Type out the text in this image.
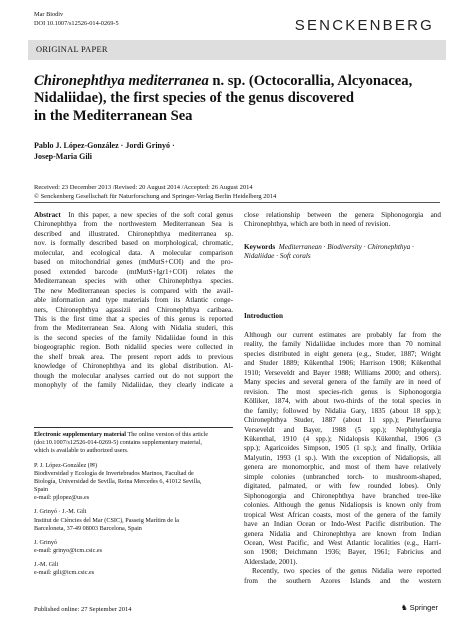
Mar Biodiv
DOI 10.1007/s12526-014-0269-5	SENCKENBERG
ORIGINAL PAPER
Chironephthya mediterranea n. sp. (Octocorallia, Alcyonacea,
Nidaliidae), the first species of the genus discovered
in the Mediterranean Sea
Pablo J. López-González · Jordi Grinyó ·
Josep-Maria Gili
Received: 23 December 2013 /Revised: 20 August 2014 /Accepted: 26 August 2014
© Senckenberg Gesellschaft für Naturforschung and Springer-Verlag Berlin Heidelberg 2014
Abstract In this paper, a new species of the soft coral genus
Chironephthya from the northwestern Mediterranean Sea is
described and illustrated. Chironephthya mediterranea sp.
nov. is formally described based on morphological, chromatic,
molecular, and ecological data. A molecular comparison
based on mitochondrial genes (mtMutS+COI) and the pro-
posed extended barcode (mtMutS+Igr1+COI) relates the
Mediterranean species with other Chironephthya species.
The new Mediterranean species is compared with the avail-
able information and type materials from its Atlantic conge-
ners, Chironephthya agassizii and Chironephthya caribaea.
This is the first time that a species of this genus is reported
from the Mediterranean Sea. Along with Nidalia studeri, this
is the second species of the family Nidaliidae found in this
biogeographic region. Both nidaliid species were collected in
the shelf break area. The present report adds to previous
knowledge of Chironephthya and its global distribution. Al-
though the molecular analyses carried out do not support the
monophyly of the family Nidaliidae, they clearly indicate a
close relationship between the genera Siphonogorgia and
Chironephthya, which are both in need of revision.
Keywords Mediterranean · Biodiversity · Chironephthya ·
Nidaliidae · Soft corals
Introduction
Although our current estimates are probably far from the
reality, the family Nidaliidae includes more than 70 nominal
species distributed in eight genera (e.g., Studer, 1887; Wright
and Studer 1889; Kükenthal 1906; Harrison 1908; Kükenthal
1910; Verseveldt and Bayer 1988; Williams 2000; and others).
Many species and several genera of the family are in need of
revision. The most species-rich genus is Siphonogorgia
Kölliker, 1874, with about two-thirds of the total species in
the family; followed by Nidalia Gary, 1835 (about 18 spp.);
Chironephthya Studer, 1887 (about 11 spp.); Pieterfaurea
Verseveldt and Bayer, 1988 (5 spp.); Nephthyigorgia
Kükenthal, 1910 (4 spp.); Nidalopsis Kükenthal, 1906 (3
spp.); Agaricoides Simpson, 1905 (1 sp.); and finally, Orlikia
Malyutin, 1993 (1 sp.). With the exception of Nidaliopsis, all
genera are monomorphic, and most of them have relatively
simple colonies (unbranched torch- to mushroom-shaped,
digitated, palmated, or with few rounded lobes). Only
Siphonogorgia and Chironephthya have branched tree-like
colonies. Although the genus Nidaliopsis is known only from
tropical West African coasts, most of the genera of the family
have an Indian Ocean or Indo-West Pacific distribution. The
genera Nidalia and Chironephthya are known from Indian
Ocean, West Pacific, and West Atlantic localities (e.g., Harri-
son 1908; Deichmann 1936; Bayer, 1961; Fabricius and
Alderslade, 2001).
Recently, two species of the genus Nidalia were reported
from the southern Azores Islands and the western
Electronic supplementary material The online version of this article
(doi:10.1007/s12526-014-0269-5) contains supplementary material,
which is available to authorized users.
P. J. López-González (✉)
Biodiversidad y Ecología de Invertebrados Marinos, Facultad de
Biología, Universidad de Sevilla, Reina Mercedes 6, 41012 Sevilla,
Spain
e-mail: pjlopez@us.es
J. Grinyó · J.-M. Gili
Institut de Ciències del Mar (CSIC), Passeig Marítim de la
Barceloneta, 37-49 08003 Barcelona, Spain
J. Grinyó
e-mail: grinyo@icm.csic.es
J.-M. Gili
e-mail: gili@icm.csic.es
Published online: 27 September 2014	♞ Springer
